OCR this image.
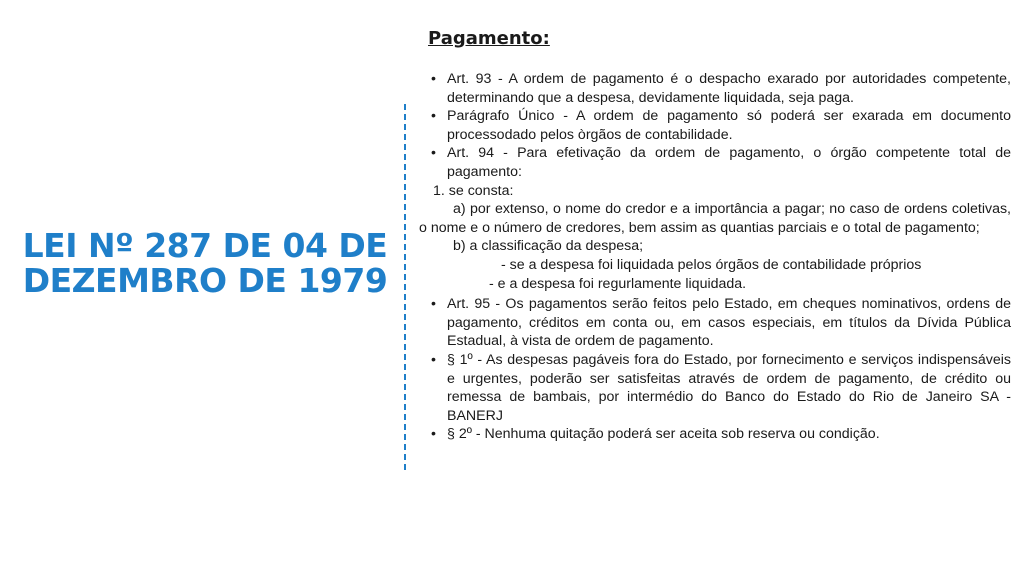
LEI Nº 287 DE 04 DE DEZEMBRO DE 1979
Pagamento:
• Art. 93 - A ordem de pagamento é o despacho exarado por autoridades competente, determinando que a despesa, devidamente liquidada, seja paga.
• Parágrafo Único - A ordem de pagamento só poderá ser exarada em documento processodado pelos òrgãos de contabilidade.
• Art. 94 - Para efetivação da ordem de pagamento, o órgão competente total de pagamento:
1. se consta:
a) por extenso, o nome do credor e a importância a pagar; no caso de ordens coletivas, o nome e o número de credores, bem assim as quantias parciais e o total de pagamento;
b) a classificação da despesa;
- se a despesa foi liquidada pelos órgãos de contabilidade próprios
- e a despesa foi regurlamente liquidada.
• Art. 95 - Os pagamentos serão feitos pelo Estado, em cheques nominativos, ordens de pagamento, créditos em conta ou, em casos especiais, em títulos da Dívida Pública Estadual, à vista de ordem de pagamento.
• § 1º - As despesas pagáveis fora do Estado, por fornecimento e serviços indispensáveis e urgentes, poderão ser satisfeitas através de ordem de pagamento, de crédito ou remessa de bambais, por intermédio do Banco do Estado do Rio de Janeiro SA - BANERJ
• § 2º - Nenhuma quitação poderá ser aceita sob reserva ou condição.
